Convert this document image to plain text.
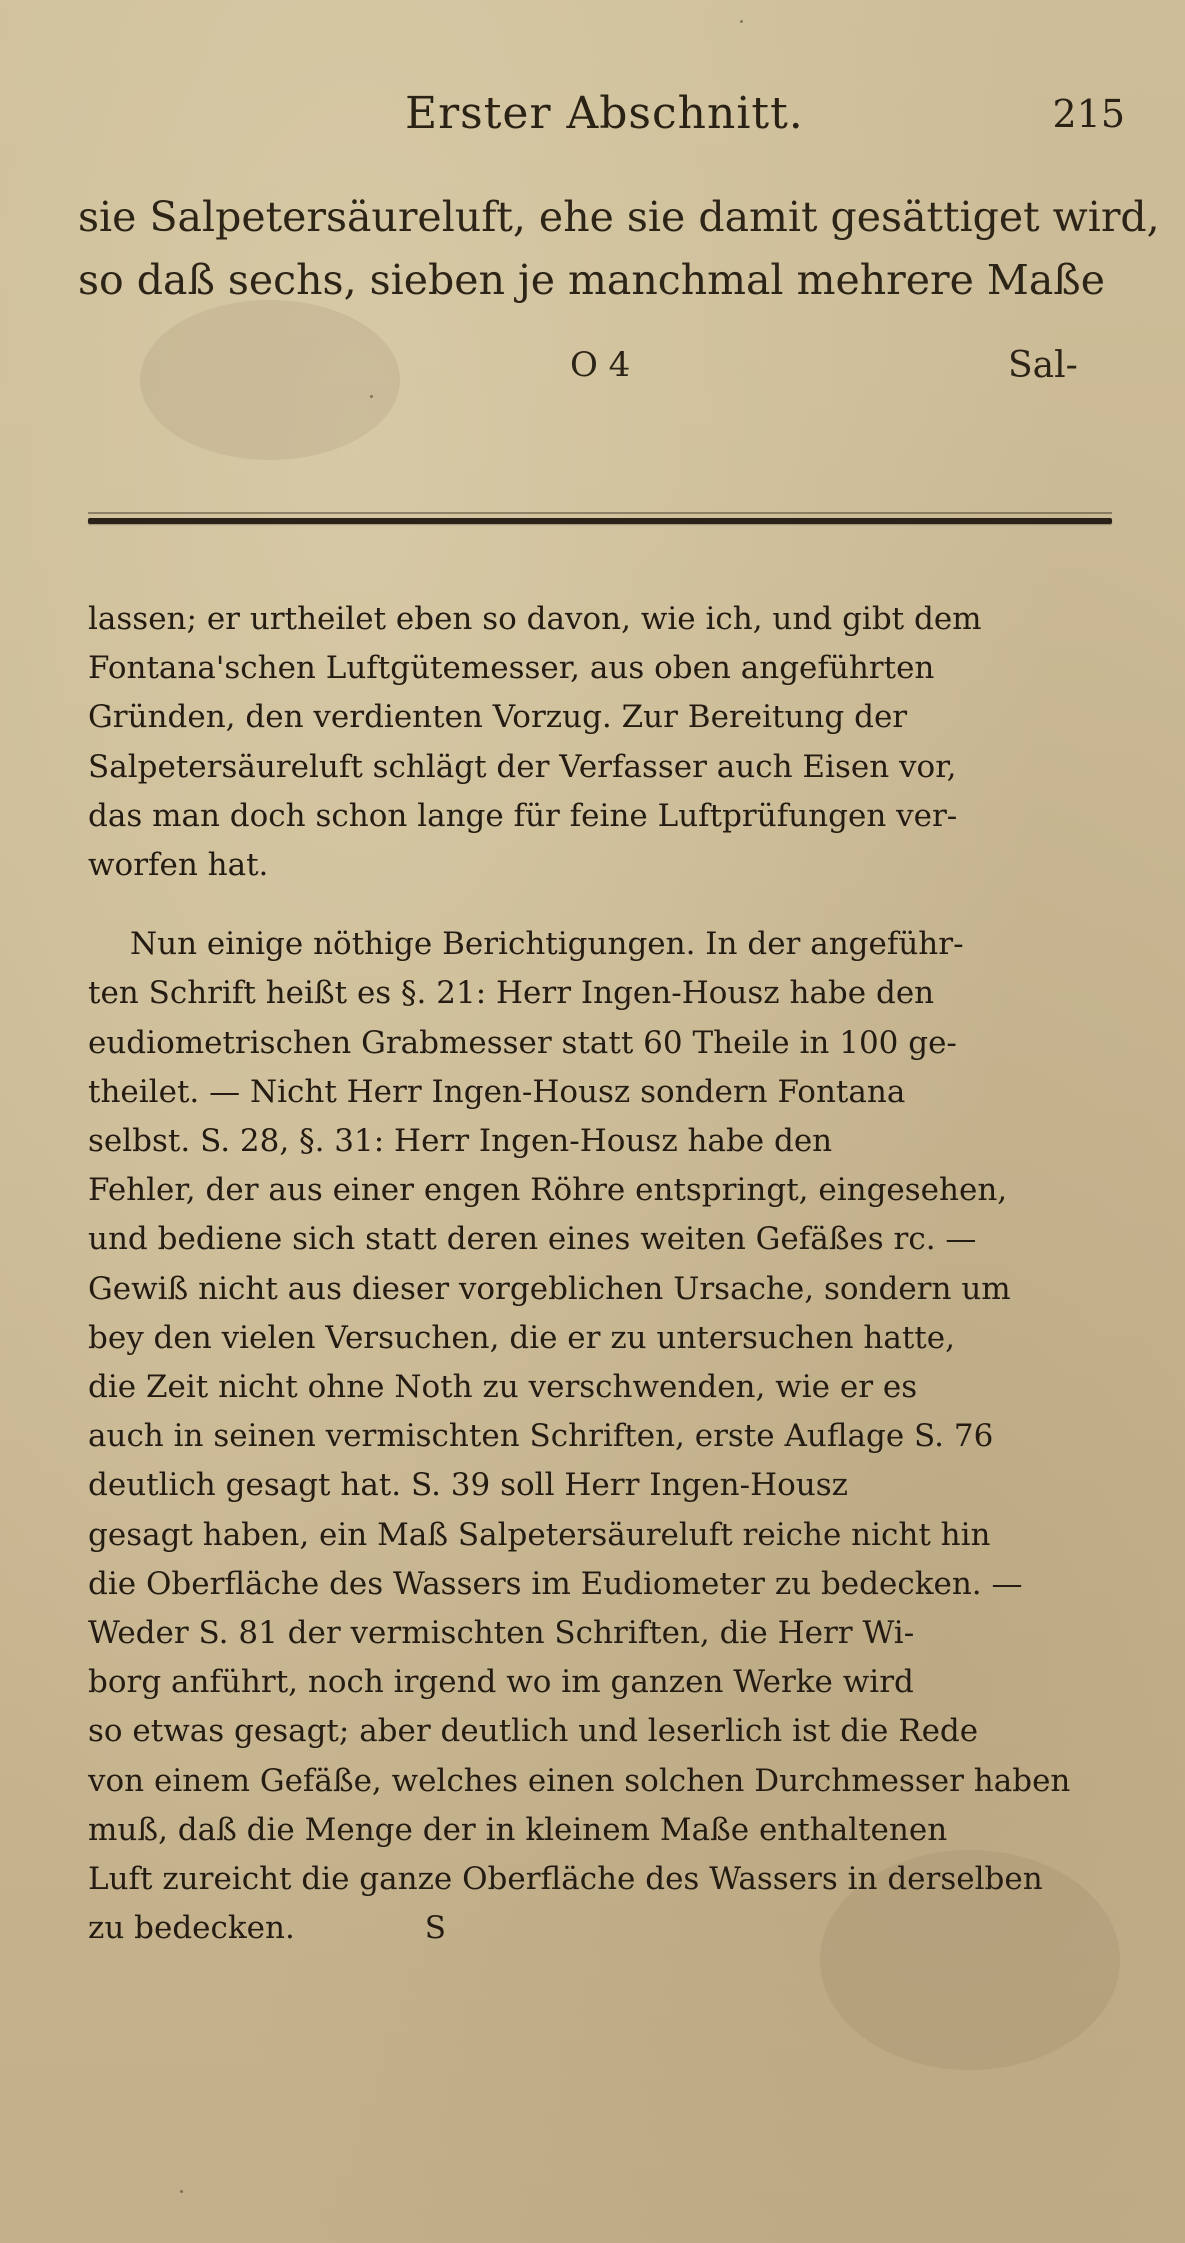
Erster Abschnitt.	215
sie Salpetersäureluft, ehe sie damit gesättiget wird,
so daß sechs, sieben je manchmal mehrere Maße
O 4	Sal-
lassen; er urtheilet eben so davon, wie ich, und gibt dem
Fontana'schen Luftgütemesser, aus oben angeführten
Gründen, den verdienten Vorzug. Zur Bereitung der
Salpetersäureluft schlägt der Verfasser auch Eisen vor,
das man doch schon lange für feine Luftprüfungen ver-
worfen hat.
Nun einige nöthige Berichtigungen. In der angeführ-
ten Schrift heißt es §. 21: Herr Ingen-Housz habe den
eudiometrischen Grabmesser statt 60 Theile in 100 ge-
theilet. — Nicht Herr Ingen-Housz sondern Fontana
selbst. S. 28, §. 31: Herr Ingen-Housz habe den
Fehler, der aus einer engen Röhre entspringt, eingesehen,
und bediene sich statt deren eines weiten Gefäßes rc. —
Gewiß nicht aus dieser vorgeblichen Ursache, sondern um
bey den vielen Versuchen, die er zu untersuchen hatte,
die Zeit nicht ohne Noth zu verschwenden, wie er es
auch in seinen vermischten Schriften, erste Auflage S. 76
deutlich gesagt hat. S. 39 soll Herr Ingen-Housz
gesagt haben, ein Maß Salpetersäureluft reiche nicht hin
die Oberfläche des Wassers im Eudiometer zu bedecken. —
Weder S. 81 der vermischten Schriften, die Herr Wi-
borg anführt, noch irgend wo im ganzen Werke wird
so etwas gesagt; aber deutlich und leserlich ist die Rede
von einem Gefäße, welches einen solchen Durchmesser haben
muß, daß die Menge der in kleinem Maße enthaltenen
Luft zureicht die ganze Oberfläche des Wassers in derselben
zu bedecken.	S
